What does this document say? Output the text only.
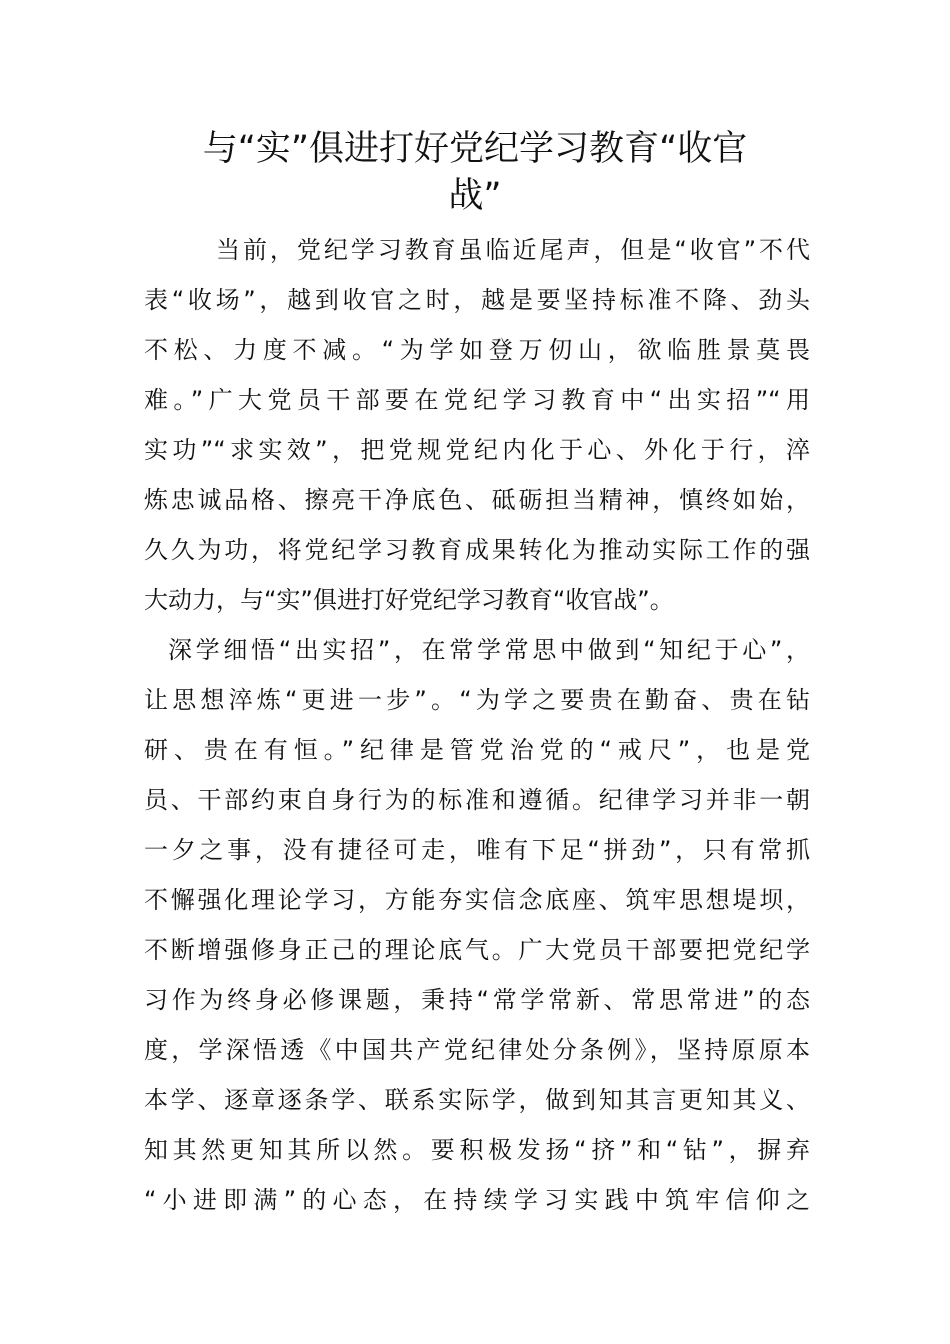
与“实”俱进打好党纪学习教育“收官
战”
当前，党纪学习教育虽临近尾声，但是“收官”不代
表“收场”，越到收官之时，越是要坚持标准不降、劲头
不松、力度不减。“为学如登万仞山，欲临胜景莫畏
难。”广大党员干部要在党纪学习教育中“出实招”“用
实功”“求实效”，把党规党纪内化于心、外化于行，淬
炼忠诚品格、擦亮干净底色、砥砺担当精神，慎终如始，
久久为功，将党纪学习教育成果转化为推动实际工作的强
大动力，与“实”俱进打好党纪学习教育“收官战”。
深学细悟“出实招”，在常学常思中做到“知纪于心”，
让思想淬炼“更进一步”。“为学之要贵在勤奋、贵在钻
研、贵在有恒。”纪律是管党治党的“戒尺”，也是党
员、干部约束自身行为的标准和遵循。纪律学习并非一朝
一夕之事，没有捷径可走，唯有下足“拼劲”，只有常抓
不懈强化理论学习，方能夯实信念底座、筑牢思想堤坝，
不断增强修身正己的理论底气。广大党员干部要把党纪学
习作为终身必修课题，秉持“常学常新、常思常进”的态
度，学深悟透《中国共产党纪律处分条例》，坚持原原本
本学、逐章逐条学、联系实际学，做到知其言更知其义、
知其然更知其所以然。要积极发扬“挤”和“钻”，摒弃
“小进即满”的心态，在持续学习实践中筑牢信仰之
